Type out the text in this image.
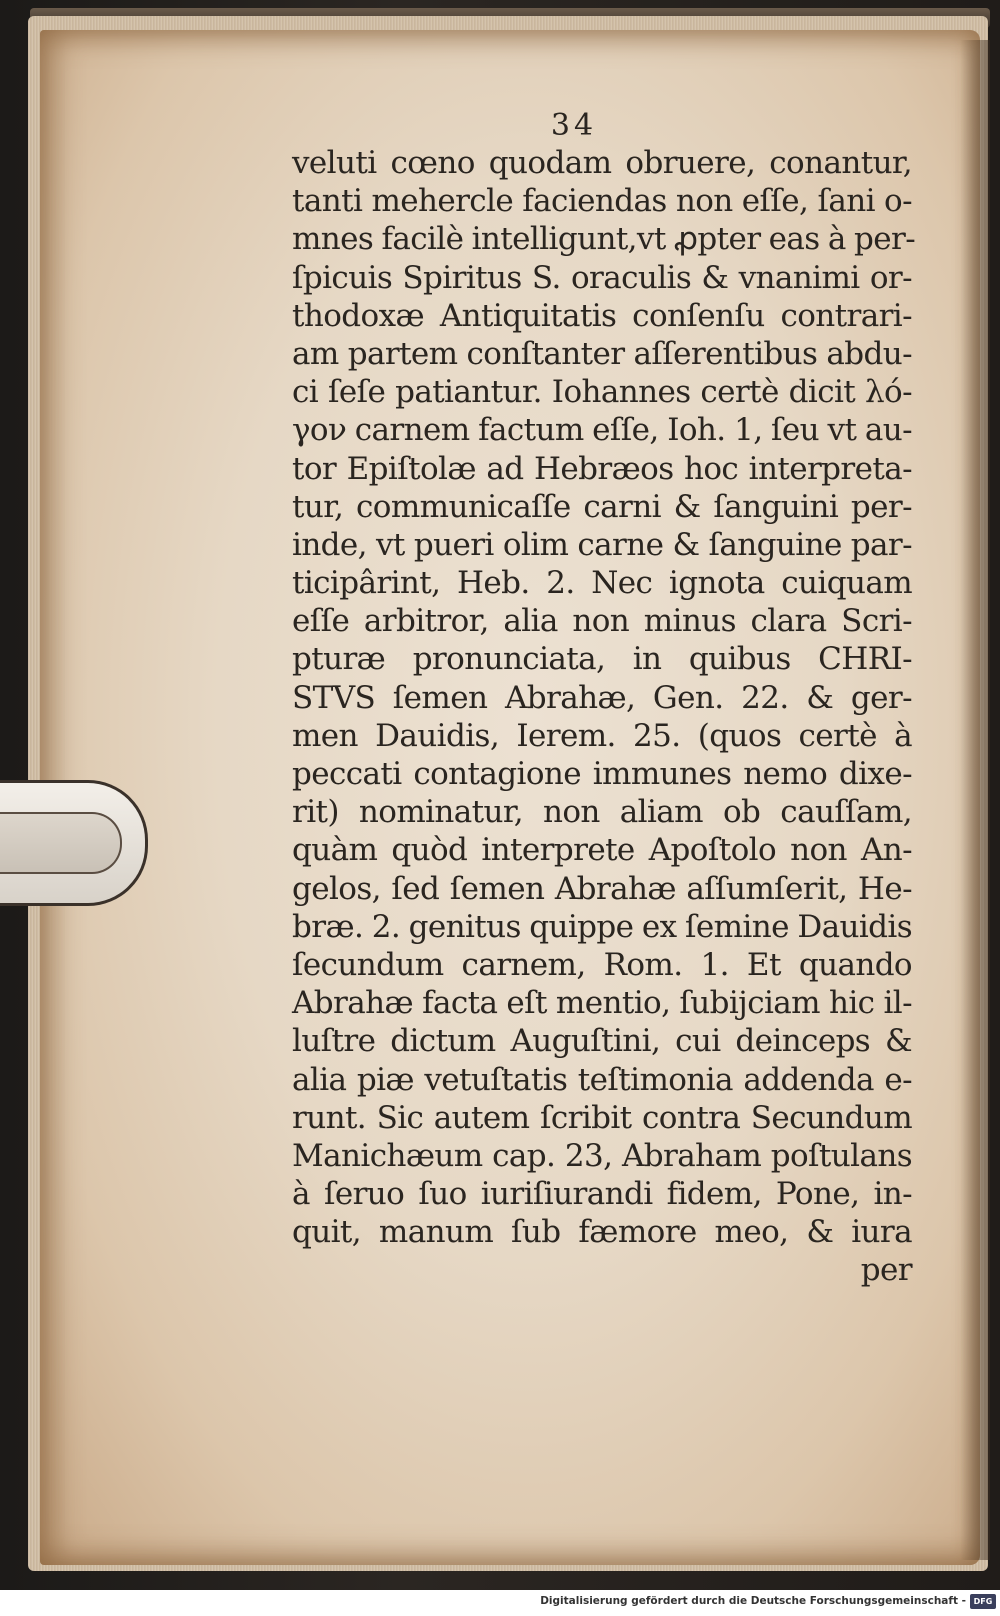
34
veluti cœno quodam obruere, conantur,
tanti mehercle faciendas non eſſe, ſani o-
mnes facilè intelligunt,vt ꝓpter eas à per-
ſpicuis Spiritus S. oraculis & vnanimi or-
thodoxæ Antiquitatis conſenſu contrari-
am partem conſtanter aſſerentibus abdu-
ci ſeſe patiantur. Iohannes certè dicit λό-
γον carnem factum eſſe, Ioh. 1, ſeu vt au-
tor Epiſtolæ ad Hebræos hoc interpreta-
tur, communicaſſe carni & ſanguini per-
inde, vt pueri olim carne & ſanguine par-
ticipârint, Heb. 2. Nec ignota cuiquam
eſſe arbitror, alia non minus clara Scri-
pturæ pronunciata, in quibus CHRI-
STVS ſemen Abrahæ, Gen. 22. & ger-
men Dauidis, Ierem. 25. (quos certè à
peccati contagione immunes nemo dixe-
rit) nominatur, non aliam ob cauſſam,
quàm quòd interprete Apoſtolo non An-
gelos, ſed ſemen Abrahæ aſſumſerit, He-
bræ. 2. genitus quippe ex ſemine Dauidis
ſecundum carnem, Rom. 1. Et quando
Abrahæ facta eſt mentio, ſubijciam hic il-
luſtre dictum Auguſtini, cui deinceps &
alia piæ vetuſtatis teſtimonia addenda e-
runt. Sic autem ſcribit contra Secundum
Manichæum cap. 23, Abraham poſtulans
à ſeruo ſuo iuriſiurandi fidem, Pone, in-
quit, manum ſub fæmore meo, & iura
per
Digitalisierung gefördert durch die Deutsche Forschungsgemeinschaft - DFG
